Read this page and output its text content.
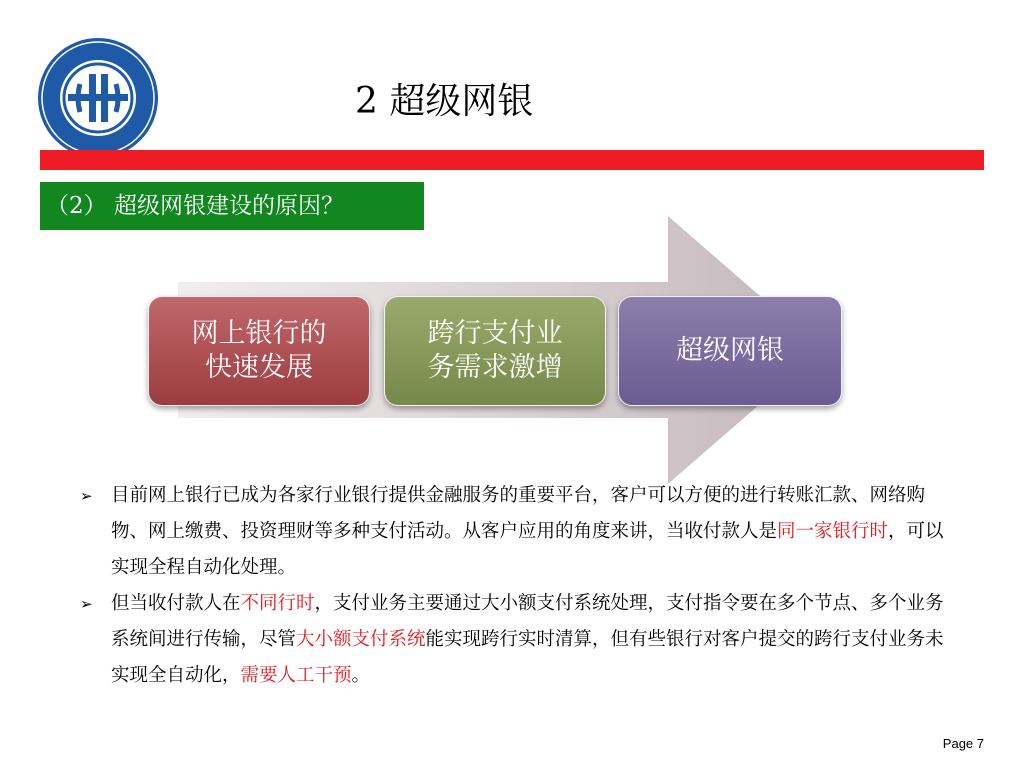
2 超级网银
（2） 超级网银建设的原因？
网上银行的
快速发展
跨行支付业
务需求激增
超级网银
➢ 目前网上银行已成为各家行业银行提供金融服务的重要平台，客户可以方便的进行转账汇款、网络购物、网上缴费、投资理财等多种支付活动。从客户应用的角度来讲，当收付款人是同一家银行时，可以实现全程自动化处理。
➢ 但当收付款人在不同行时，支付业务主要通过大小额支付系统处理，支付指令要在多个节点、多个业务系统间进行传输，尽管大小额支付系统能实现跨行实时清算，但有些银行对客户提交的跨行支付业务未实现全自动化，需要人工干预。
Page 7
